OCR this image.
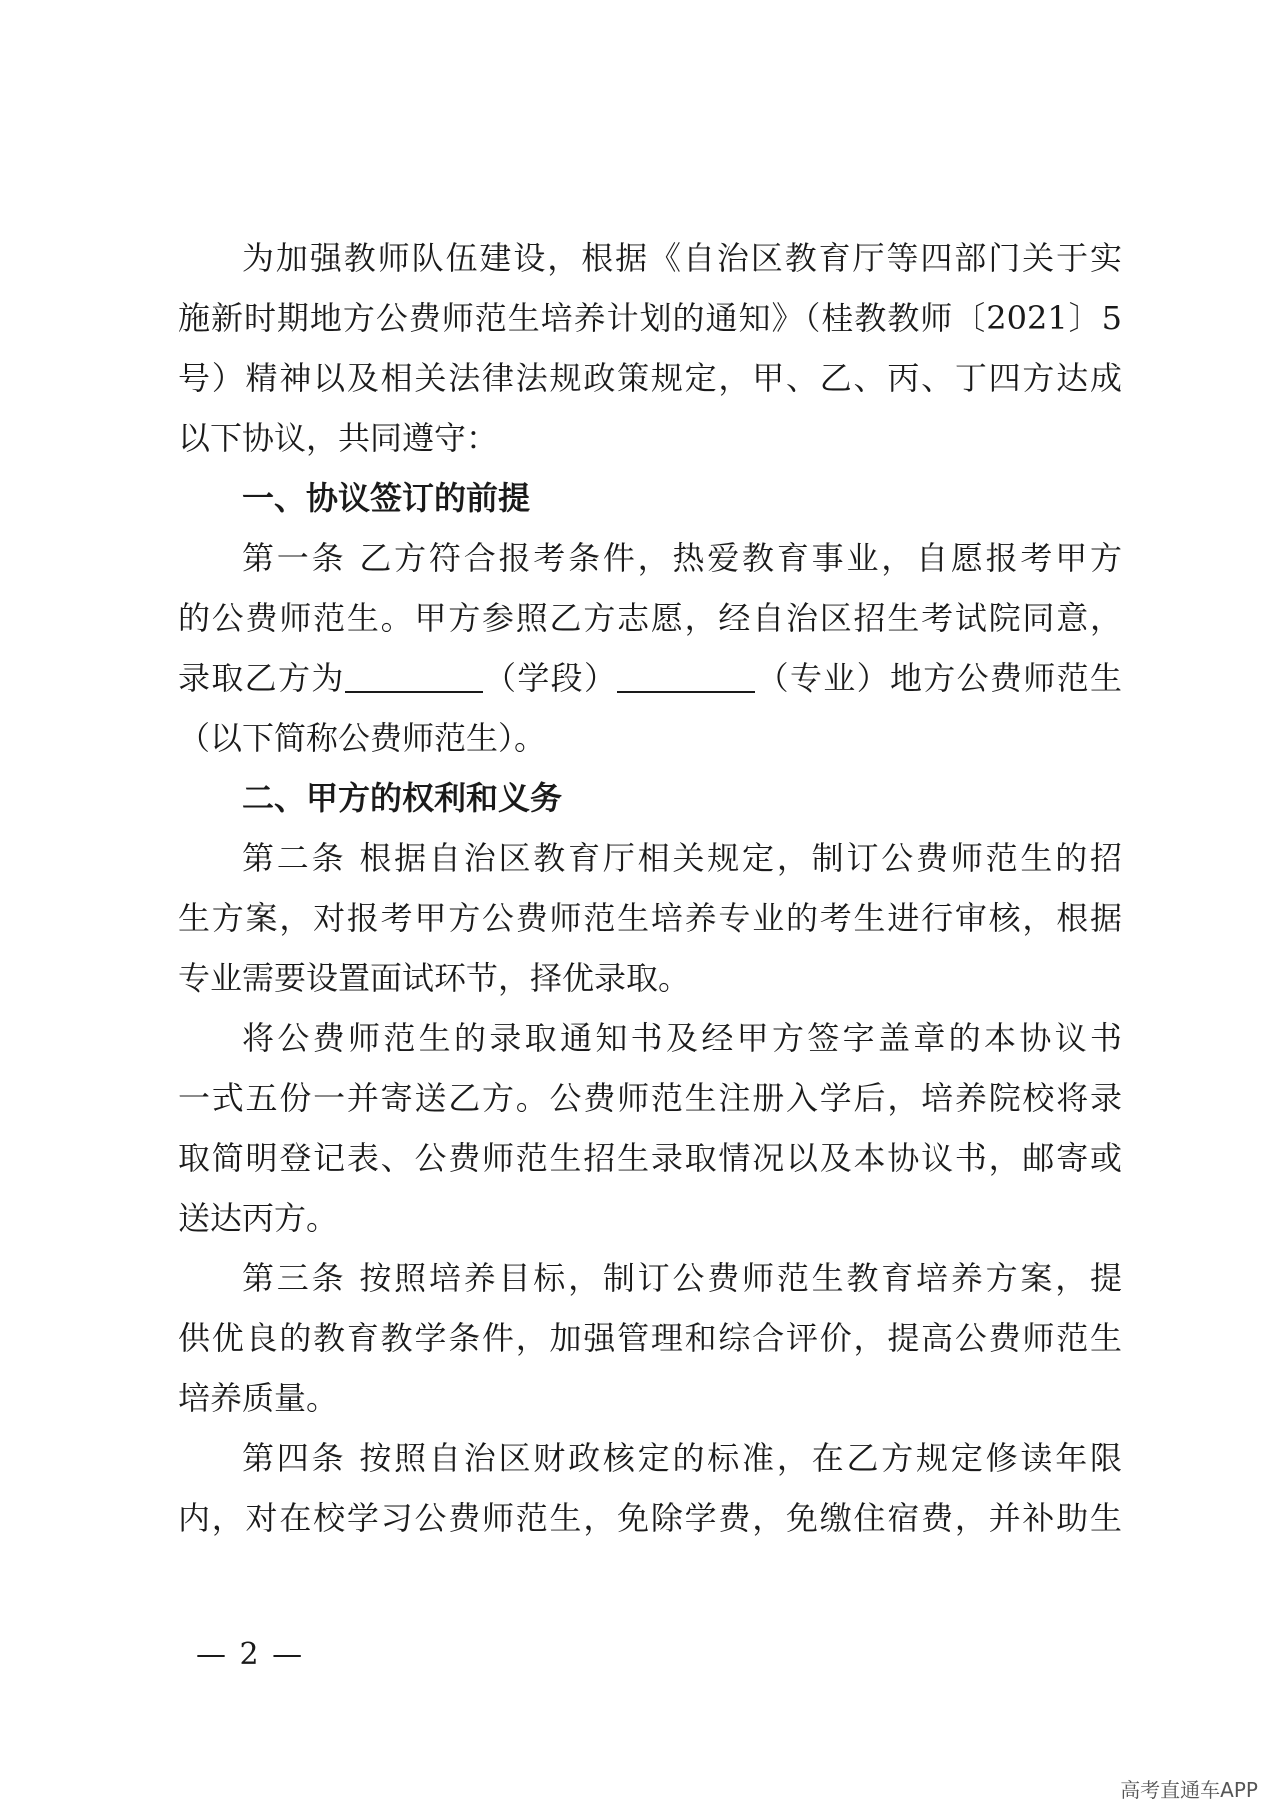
为加强教师队伍建设，根据《自治区教育厅等四部门关于实
施新时期地方公费师范生培养计划的通知》（桂教教师〔2021〕5
号）精神以及相关法律法规政策规定，甲、乙、丙、丁四方达成
以下协议，共同遵守：
一、协议签订的前提
第一条 乙方符合报考条件，热爱教育事业，自愿报考甲方
的公费师范生。甲方参照乙方志愿，经自治区招生考试院同意，
录取乙方为	（学段）	（专业）地方公费师范生
（以下简称公费师范生）。
二、甲方的权利和义务
第二条 根据自治区教育厅相关规定，制订公费师范生的招
生方案，对报考甲方公费师范生培养专业的考生进行审核，根据
专业需要设置面试环节，择优录取。
将公费师范生的录取通知书及经甲方签字盖章的本协议书
一式五份一并寄送乙方。公费师范生注册入学后，培养院校将录
取简明登记表、公费师范生招生录取情况以及本协议书，邮寄或
送达丙方。
第三条 按照培养目标，制订公费师范生教育培养方案，提
供优良的教育教学条件，加强管理和综合评价，提高公费师范生
培养质量。
第四条 按照自治区财政核定的标准，在乙方规定修读年限
内，对在校学习公费师范生，免除学费，免缴住宿费，并补助生
— 2 —
高考直通车APP
